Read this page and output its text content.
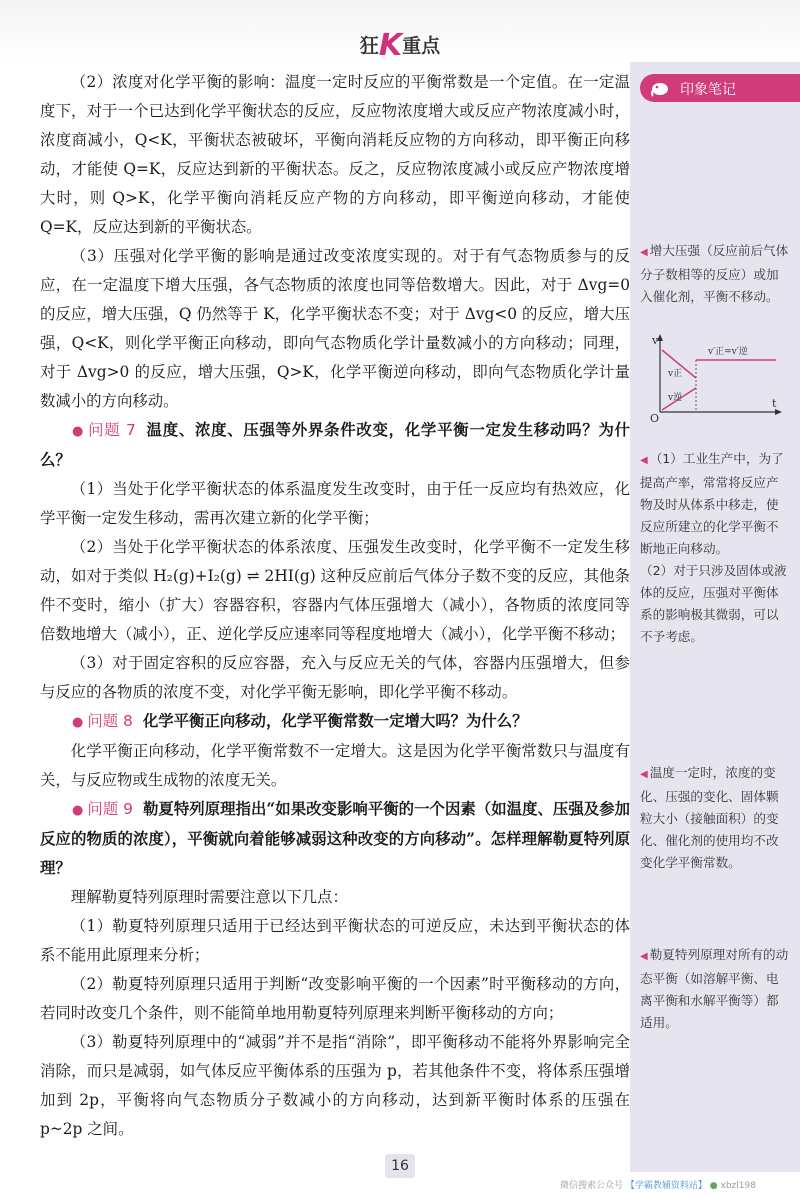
狂K重点
印象笔记

（2）浓度对化学平衡的影响：温度一定时反应的平衡常数是一个定值。在一定温度下，对于一个已达到化学平衡状态的反应，反应物浓度增大或反应产物浓度减小时，浓度商减小，Q<K，平衡状态被破坏，平衡向消耗反应物的方向移动，即平衡正向移动，才能使 Q=K，反应达到新的平衡状态。反之，反应物浓度减小或反应产物浓度增大时，则 Q>K，化学平衡向消耗反应产物的方向移动，即平衡逆向移动，才能使 Q=K，反应达到新的平衡状态。

（3）压强对化学平衡的影响是通过改变浓度实现的。对于有气态物质参与的反应，在一定温度下增大压强，各气态物质的浓度也同等倍数增大。因此，对于 Δvg=0 的反应，增大压强，Q 仍然等于 K，化学平衡状态不变；对于 Δvg<0 的反应，增大压强，Q<K，则化学平衡正向移动，即向气态物质化学计量数减小的方向移动；同理，对于 Δvg>0 的反应，增大压强，Q>K，化学平衡逆向移动，即向气态物质化学计量数减小的方向移动。

● 问题 7 温度、浓度、压强等外界条件改变，化学平衡一定发生移动吗？为什么？

（1）当处于化学平衡状态的体系温度发生改变时，由于任一反应均有热效应，化学平衡一定发生移动，需再次建立新的化学平衡；

（2）当处于化学平衡状态的体系浓度、压强发生改变时，化学平衡不一定发生移动，如对于类似 H₂(g)+I₂(g) ⇌ 2HI(g) 这种反应前后气体分子数不变的反应，其他条件不变时，缩小（扩大）容器容积，容器内气体压强增大（减小），各物质的浓度同等倍数地增大（减小），正、逆化学反应速率同等程度地增大（减小），化学平衡不移动；

（3）对于固定容积的反应容器，充入与反应无关的气体，容器内压强增大，但参与反应的各物质的浓度不变，对化学平衡无影响，即化学平衡不移动。

● 问题 8 化学平衡正向移动，化学平衡常数一定增大吗？为什么？

化学平衡正向移动，化学平衡常数不一定增大。这是因为化学平衡常数只与温度有关，与反应物或生成物的浓度无关。

● 问题 9 勒夏特列原理指出“如果改变影响平衡的一个因素（如温度、压强及参加反应的物质的浓度），平衡就向着能够减弱这种改变的方向移动”。怎样理解勒夏特列原理？

理解勒夏特列原理时需要注意以下几点：

（1）勒夏特列原理只适用于已经达到平衡状态的可逆反应，未达到平衡状态的体系不能用此原理来分析；

（2）勒夏特列原理只适用于判断“改变影响平衡的一个因素”时平衡移动的方向，若同时改变几个条件，则不能简单地用勒夏特列原理来判断平衡移动的方向；

（3）勒夏特列原理中的“减弱”并不是指“消除”，即平衡移动不能将外界影响完全消除，而只是减弱，如气体反应平衡体系的压强为 p，若其他条件不变，将体系压强增加到 2p，平衡将向气态物质分子数减小的方向移动，达到新平衡时体系的压强在 p~2p 之间。

◀ 增大压强（反应前后气体分子数相等的反应）或加入催化剂，平衡不移动。

v
t
O
v正
v逆
v′正=v′逆

◀ （1）工业生产中，为了提高产率，常常将反应产物及时从体系中移走，使反应所建立的化学平衡不断地正向移动。

（2）对于只涉及固体或液体的反应，压强对平衡体系的影响极其微弱，可以不予考虑。

◀ 温度一定时，浓度的变化、压强的变化、固体颗粒大小（接触面积）的变化、催化剂的使用均不改变化学平衡常数。

◀ 勒夏特列原理对所有的动态平衡（如溶解平衡、电离平衡和水解平衡等）都适用。

16
微信搜索公众号 【学霸教辅资料站】 ● xbzl198
